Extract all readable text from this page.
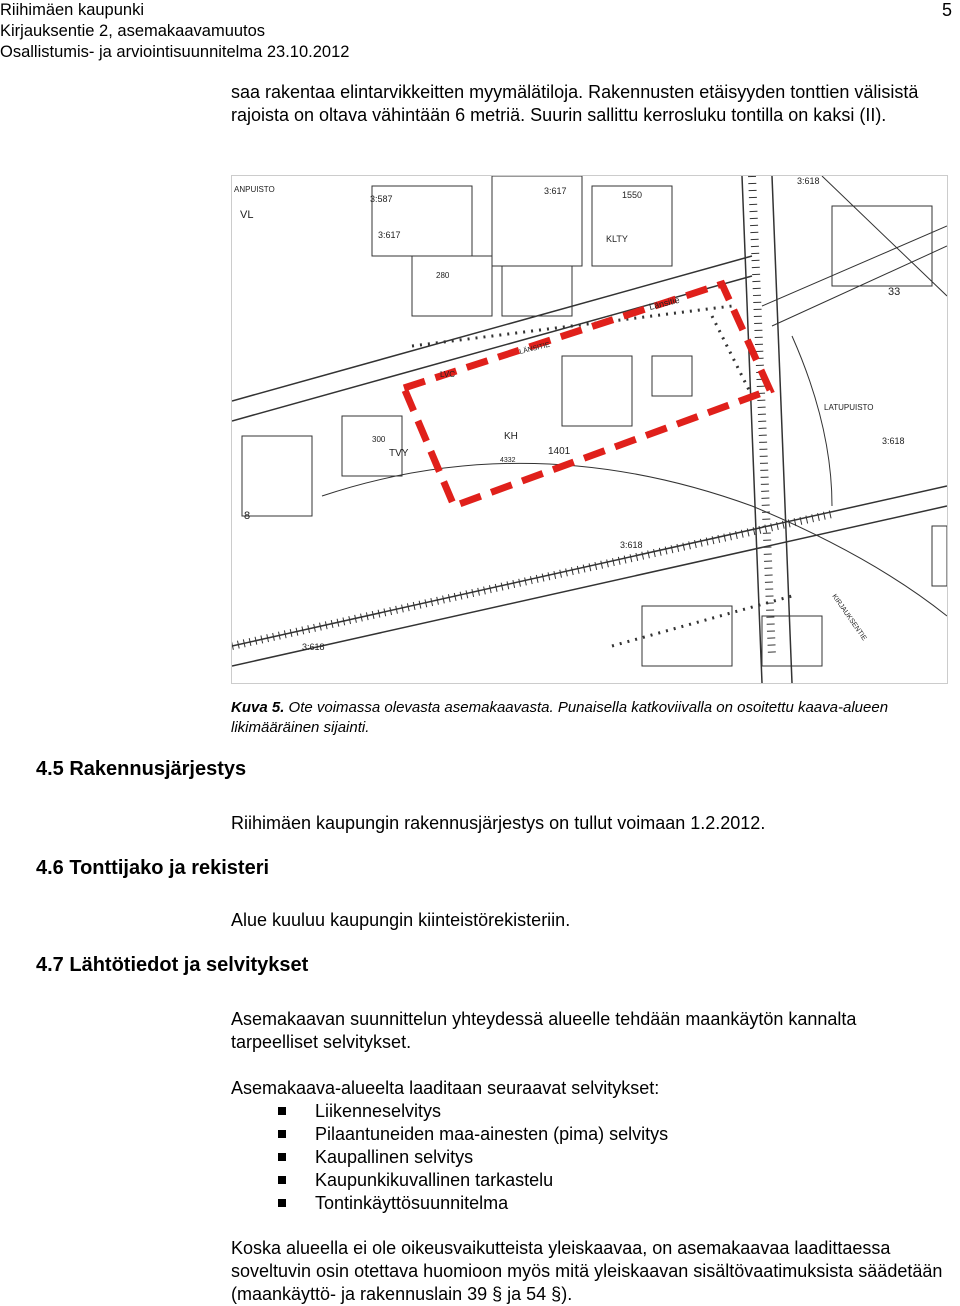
Riihimäen kaupunki
Kirjauksentie 2, asemakaavamuutos
Osallistumis- ja arviointisuunnitelma 23.10.2012
5
saa rakentaa elintarvikkeitten myymälätiloja. Rakennusten etäisyyden tonttien välisistä rajoista on oltava vähintään 6 metriä. Suurin sallittu kerrosluku tontilla on kaksi (II).
ANPUISTO
VL
3:587
3:617
3:617
3:618
3:618
3:618
3:618
Länsitie
LÄNSITIE
KLTY
LVC
KH
1401
4332
TVY
300
280
33
8
LATUPUISTO
KIRJAUKSENTIE
1550
Kuva 5. Ote voimassa olevasta asemakaavasta. Punaisella katkoviivalla on osoitettu kaava-alueen likimääräinen sijainti.
4.5 Rakennusjärjestys
Riihimäen kaupungin rakennusjärjestys on tullut voimaan 1.2.2012.
4.6 Tonttijako ja rekisteri
Alue kuuluu kaupungin kiinteistörekisteriin.
4.7 Lähtötiedot ja selvitykset
Asemakaavan suunnittelun yhteydessä alueelle tehdään maankäytön kannalta tarpeelliset selvitykset.
Asemakaava-alueelta laaditaan seuraavat selvitykset:
Liikenneselvitys
Pilaantuneiden maa-ainesten (pima) selvitys
Kaupallinen selvitys
Kaupunkikuvallinen tarkastelu
Tontinkäyttösuunnitelma
Koska alueella ei ole oikeusvaikutteista yleiskaavaa, on asemakaavaa laadittaessa soveltuvin osin otettava huomioon myös mitä yleiskaavan sisältövaatimuksista säädetään (maankäyttö- ja rakennuslain 39 § ja 54 §).
